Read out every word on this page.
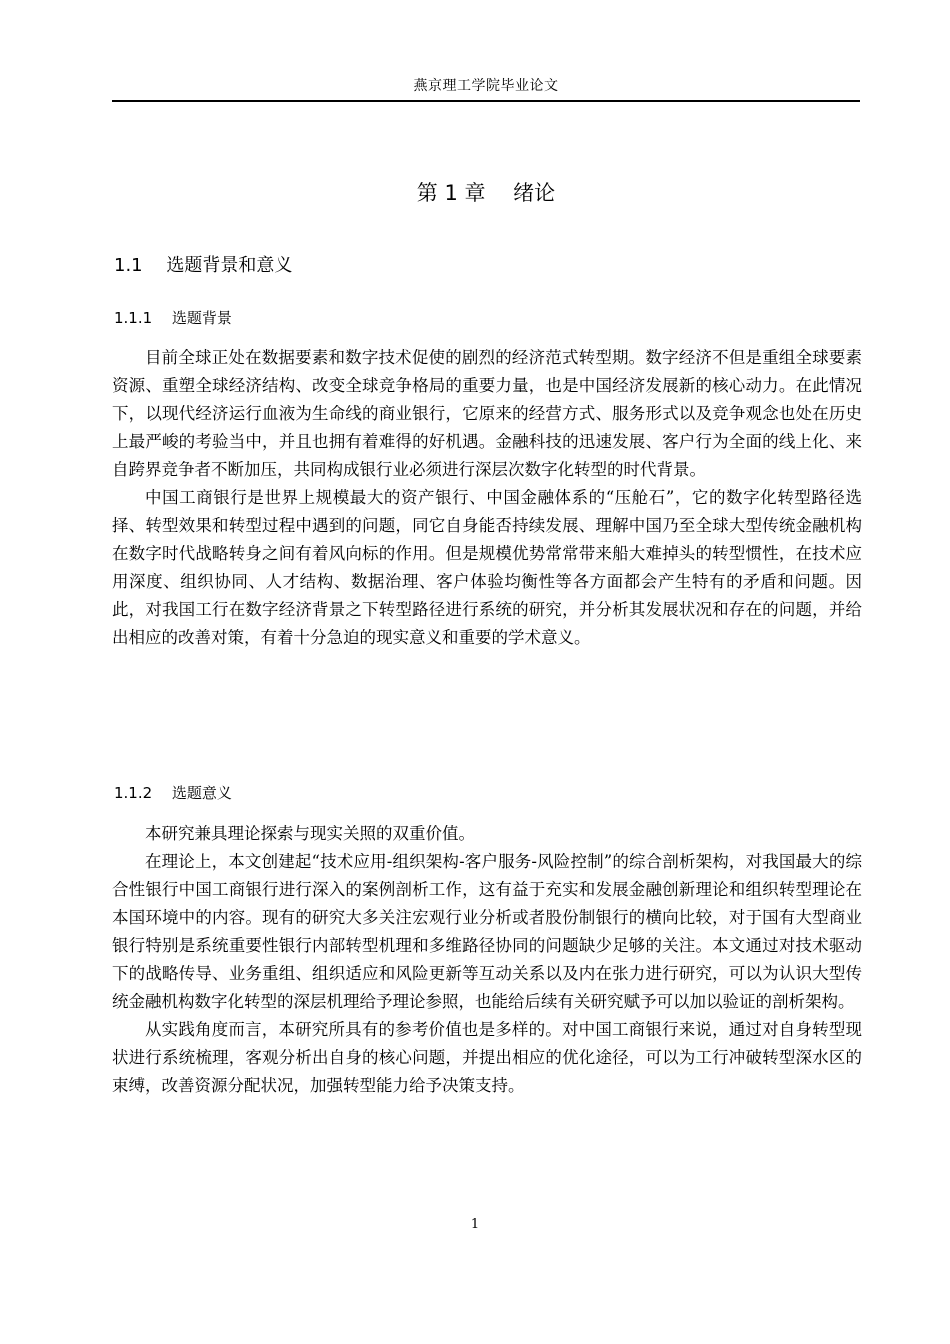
燕京理工学院毕业论文
第 1 章　 绪论
1.1　 选题背景和意义
1.1.1　 选题背景

目前全球正处在数据要素和数字技术促使的剧烈的经济范式转型期。数字经济不但是重组全球要素资源、重塑全球经济结构、改变全球竞争格局的重要力量，也是中国经济发展新的核心动力。在此情况下，以现代经济运行血液为生命线的商业银行，它原来的经营方式、服务形式以及竞争观念也处在历史上最严峻的考验当中，并且也拥有着难得的好机遇。金融科技的迅速发展、客户行为全面的线上化、来自跨界竞争者不断加压，共同构成银行业必须进行深层次数字化转型的时代背景。

中国工商银行是世界上规模最大的资产银行、中国金融体系的“压舱石”，它的数字化转型路径选择、转型效果和转型过程中遇到的问题，同它自身能否持续发展、理解中国乃至全球大型传统金融机构在数字时代战略转身之间有着风向标的作用。但是规模优势常常带来船大难掉头的转型惯性，在技术应用深度、组织协同、人才结构、数据治理、客户体验均衡性等各方面都会产生特有的矛盾和问题。因此，对我国工行在数字经济背景之下转型路径进行系统的研究，并分析其发展状况和存在的问题，并给出相应的改善对策，有着十分急迫的现实意义和重要的学术意义。

1.1.2　 选题意义

本研究兼具理论探索与现实关照的双重价值。

在理论上，本文创建起“技术应用-组织架构-客户服务-风险控制”的综合剖析架构，对我国最大的综合性银行中国工商银行进行深入的案例剖析工作，这有益于充实和发展金融创新理论和组织转型理论在本国环境中的内容。现有的研究大多关注宏观行业分析或者股份制银行的横向比较，对于国有大型商业银行特别是系统重要性银行内部转型机理和多维路径协同的问题缺少足够的关注。本文通过对技术驱动下的战略传导、业务重组、组织适应和风险更新等互动关系以及内在张力进行研究，可以为认识大型传统金融机构数字化转型的深层机理给予理论参照，也能给后续有关研究赋予可以加以验证的剖析架构。

从实践角度而言，本研究所具有的参考价值也是多样的。对中国工商银行来说，通过对自身转型现状进行系统梳理，客观分析出自身的核心问题，并提出相应的优化途径，可以为工行冲破转型深水区的束缚，改善资源分配状况，加强转型能力给予决策支持。

1
